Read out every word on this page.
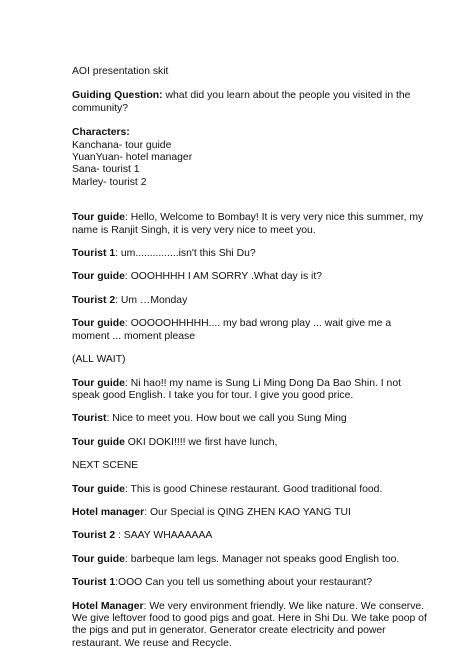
AOI presentation skit

Guiding Question: what did you learn about the people you visited in the
community?

Characters:
Kanchana- tour guide
YuanYuan- hotel manager
Sana- tourist 1
Marley- tourist 2

Tour guide: Hello, Welcome to Bombay! It is very very nice this summer, my
name is Ranjit Singh, it is very very nice to meet you.

Tourist 1: um...............isn't this Shi Du?

Tour guide: OOOHHHH I AM SORRY .What day is it?

Tourist 2: Um …Monday

Tour guide: OOOOOHHHHH.... my bad wrong play ... wait give me a
moment ... moment please

(ALL WAIT)

Tour guide: Ni hao!! my name is Sung Li Ming Dong Da Bao Shin. I not
speak good English. I take you for tour. I give you good price.

Tourist: Nice to meet you. How bout we call you Sung Ming

Tour guide OKI DOKI!!!! we first have lunch,

NEXT SCENE

Tour guide: This is good Chinese restaurant. Good traditional food.

Hotel manager: Our Special is QING ZHEN KAO YANG TUI

Tourist 2 : SAAY WHAAAAAA

Tour guide: barbeque lam legs. Manager not speaks good English too.

Tourist 1:OOO Can you tell us something about your restaurant?

Hotel Manager: We very environment friendly. We like nature. We conserve.
We give leftover food to good pigs and goat. Here in Shi Du. We take poop of
the pigs and put in generator. Generator create electricity and power
restaurant. We reuse and Recycle.
